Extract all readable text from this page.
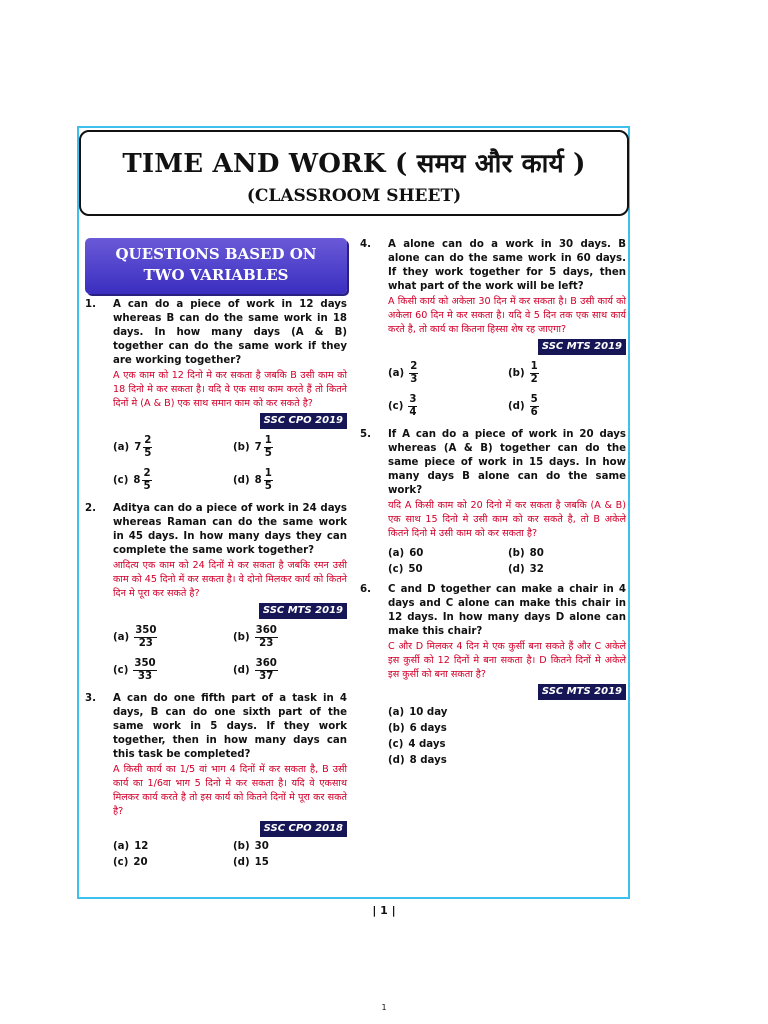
TIME AND WORK ( समय और कार्य )
(CLASSROOM SHEET)
QUESTIONS BASED ON
TWO VARIABLES
1. A can do a piece of work in 12 days whereas B can do the same work in 18 days. In how many days (A & B) together can do the same work if they are working together?
A एक काम को 12 दिनो मे कर सकता है जबकि B उसी काम को 18 दिनो मे कर सकता है। यदि वे एक साथ काम करते हैं तो कितने दिनों मे (A & B) एक साथ समान काम को कर सकते है?
SSC CPO 2019
(a) $7 \frac{2}{5}$	(b) $7 \frac{1}{5}$
(c) $8 \frac{2}{5}$	(d) $8 \frac{1}{5}$
2. Aditya can do a piece of work in 24 days whereas Raman can do the same work in 45 days. In how many days they can complete the same work together?
आदित्य एक काम को 24 दिनों मे कर सकता है जबकि रमन उसी काम को 45 दिनो में कर सकता है। वे दोनो मिलकर कार्य को कितने दिन मे पूरा कर सकते है?
SSC MTS 2019
$(a) \frac{350}{23}$	$(b) \frac{360}{23}$
$(c) \frac{350}{33}$	$(d) \frac{360}{37}$
3. A can do one fifth part of a task in 4 days, B can do one sixth part of the same work in 5 days. If they work together, then in how many days can this task be completed?
A किसी कार्य का 1/5 वां भाग 4 दिनों में कर सकता है, B उसी कार्य का 1/6वा भाग 5 दिनो मे कर सकता है। यदि वे एकसाथ मिलकर कार्य करते है तो इस कार्य को कितने दिनों मे पूरा कर सकते है?
SSC CPO 2018
(a) 12	(b) 30
(c) 20	(d) 15
4. A alone can do a work in 30 days. B alone can do the same work in 60 days. If they work together for 5 days, then what part of the work will be left?
A किसी कार्य को अकेला 30 दिन में कर सकता है। B उसी कार्य को अकेला 60 दिन मे कर सकता है। यदि वे 5 दिन तक एक साथ कार्य करते है, तो कार्य का कितना हिस्सा शेष रह जाएगा?
SSC MTS 2019
$(a) \frac{2}{3}$	$(b) \frac{1}{2}$
$(c) \frac{3}{4}$	$(d) \frac{5}{6}$
5. If A can do a piece of work in 20 days whereas (A & B) together can do the same piece of work in 15 days. In how many days B alone can do the same work?
यदि A किसी काम को 20 दिनो में कर सकता है जबकि (A & B) एक साथ 15 दिनो मे उसी काम को कर सकते है, तो B अकेले कितने दिनो मे उसी काम को कर सकता है?
(a) 60	(b) 80
(c) 50	(d) 32
6. C and D together can make a chair in 4 days and C alone can make this chair in 12 days. In how many days D alone can make this chair?
C और D मिलकर 4 दिन मे एक कुर्सी बना सकते हैं और C अकेले इस कुर्सी को 12 दिनों मे बना सकता है। D कितने दिनों मे अकेले इस कुर्सी को बना सकता है?
SSC MTS 2019
(a) 10 day
(b) 6 days
(c) 4 days
(d) 8 days
| 1 |
1
